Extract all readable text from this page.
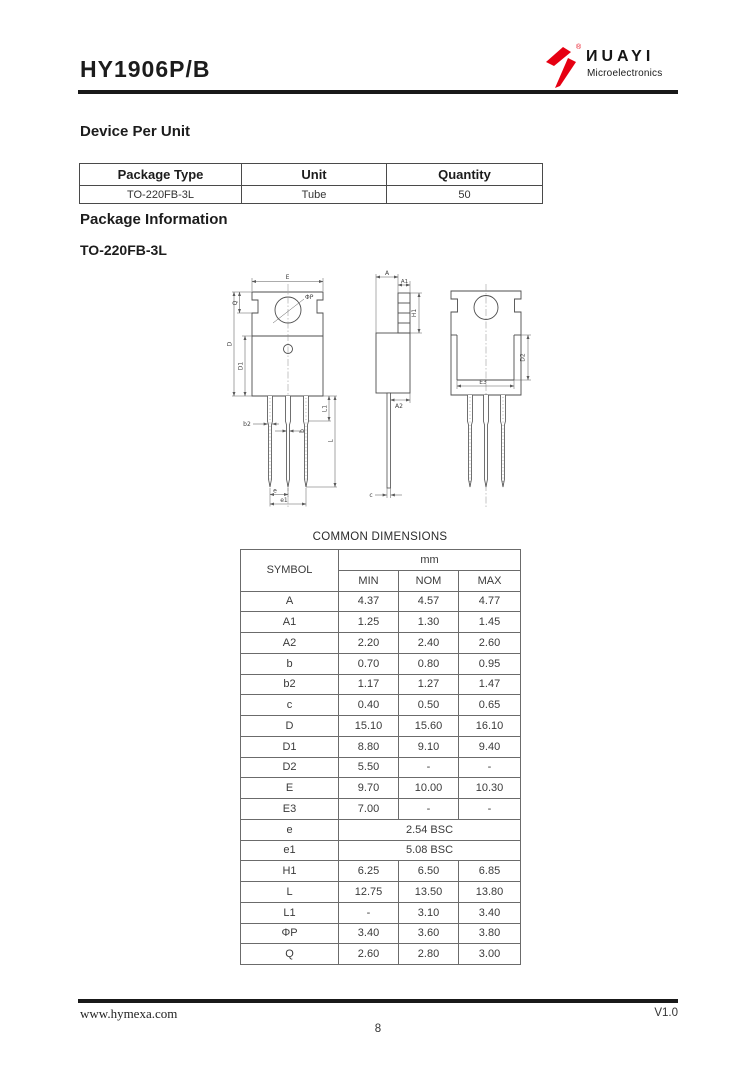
HY1906P/B
®
ИUAYI
Microelectronics
Device Per Unit
Package Type	Unit	Quantity
TO-220FB-3L	Tube	50
Package Information
TO-220FB-3L
E
Q
D
D1
ΦP
L1
L
b
b2
e
e1
A
A1
H1
A2
c
E3
D2
COMMON DIMENSIONS
SYMBOL	mm		
	MIN	NOM	MAX
A	4.37	4.57	4.77
A1	1.25	1.30	1.45
A2	2.20	2.40	2.60
b	0.70	0.80	0.95
b2	1.17	1.27	1.47
c	0.40	0.50	0.65
D	15.10	15.60	16.10
D1	8.80	9.10	9.40
D2	5.50	-	-
E	9.70	10.00	10.30
E3	7.00	-	-
e	2.54 BSC		
e1	5.08 BSC		
H1	6.25	6.50	6.85
L	12.75	13.50	13.80
L1	-	3.10	3.40
ΦP	3.40	3.60	3.80
Q	2.60	2.80	3.00
www.hymexa.com	V1.0
8
